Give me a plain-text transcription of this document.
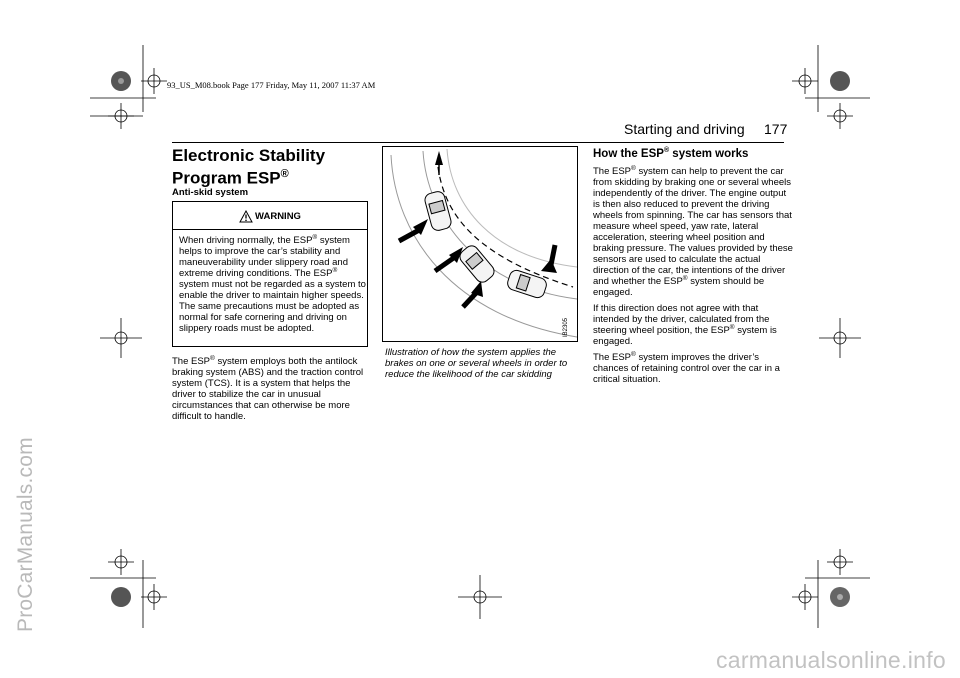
ProCarManuals.com
93_US_M08.book Page 177 Friday, May 11, 2007 11:37 AM
Starting and driving 177
Electronic Stability
Program ESP®
Anti-skid system
WARNING
When driving normally, the ESP® system helps to improve the car’s stability and maneuverability under slippery road and extreme driving conditions. The ESP® system must not be regarded as a system to enable the driver to maintain higher speeds. The same precautions must be adopted as normal for safe cornering and driving on slippery roads must be adopted.
The ESP® system employs both the antilock braking system (ABS) and the traction control system (TCS). It is a system that helps the driver to stabilize the car in unusual circumstances that can otherwise be more difficult to handle.
IB2305
Illustration of how the system applies the brakes on one or several wheels in order to reduce the likelihood of the car skidding
How the ESP® system works

The ESP® system can help to prevent the car from skidding by braking one or several wheels independently of the driver. The engine output is then also reduced to prevent the driving wheels from spinning. The car has sensors that measure wheel speed, yaw rate, lateral acceleration, steering wheel position and braking pressure. The values provided by these sensors are used to calculate the actual direction of the car, the intentions of the driver and whether the ESP® system should be engaged.

If this direction does not agree with that intended by the driver, calculated from the steering wheel position, the ESP® system is engaged.

The ESP® system improves the driver’s chances of retaining control over the car in a critical situation.

carmanualsonline.info
